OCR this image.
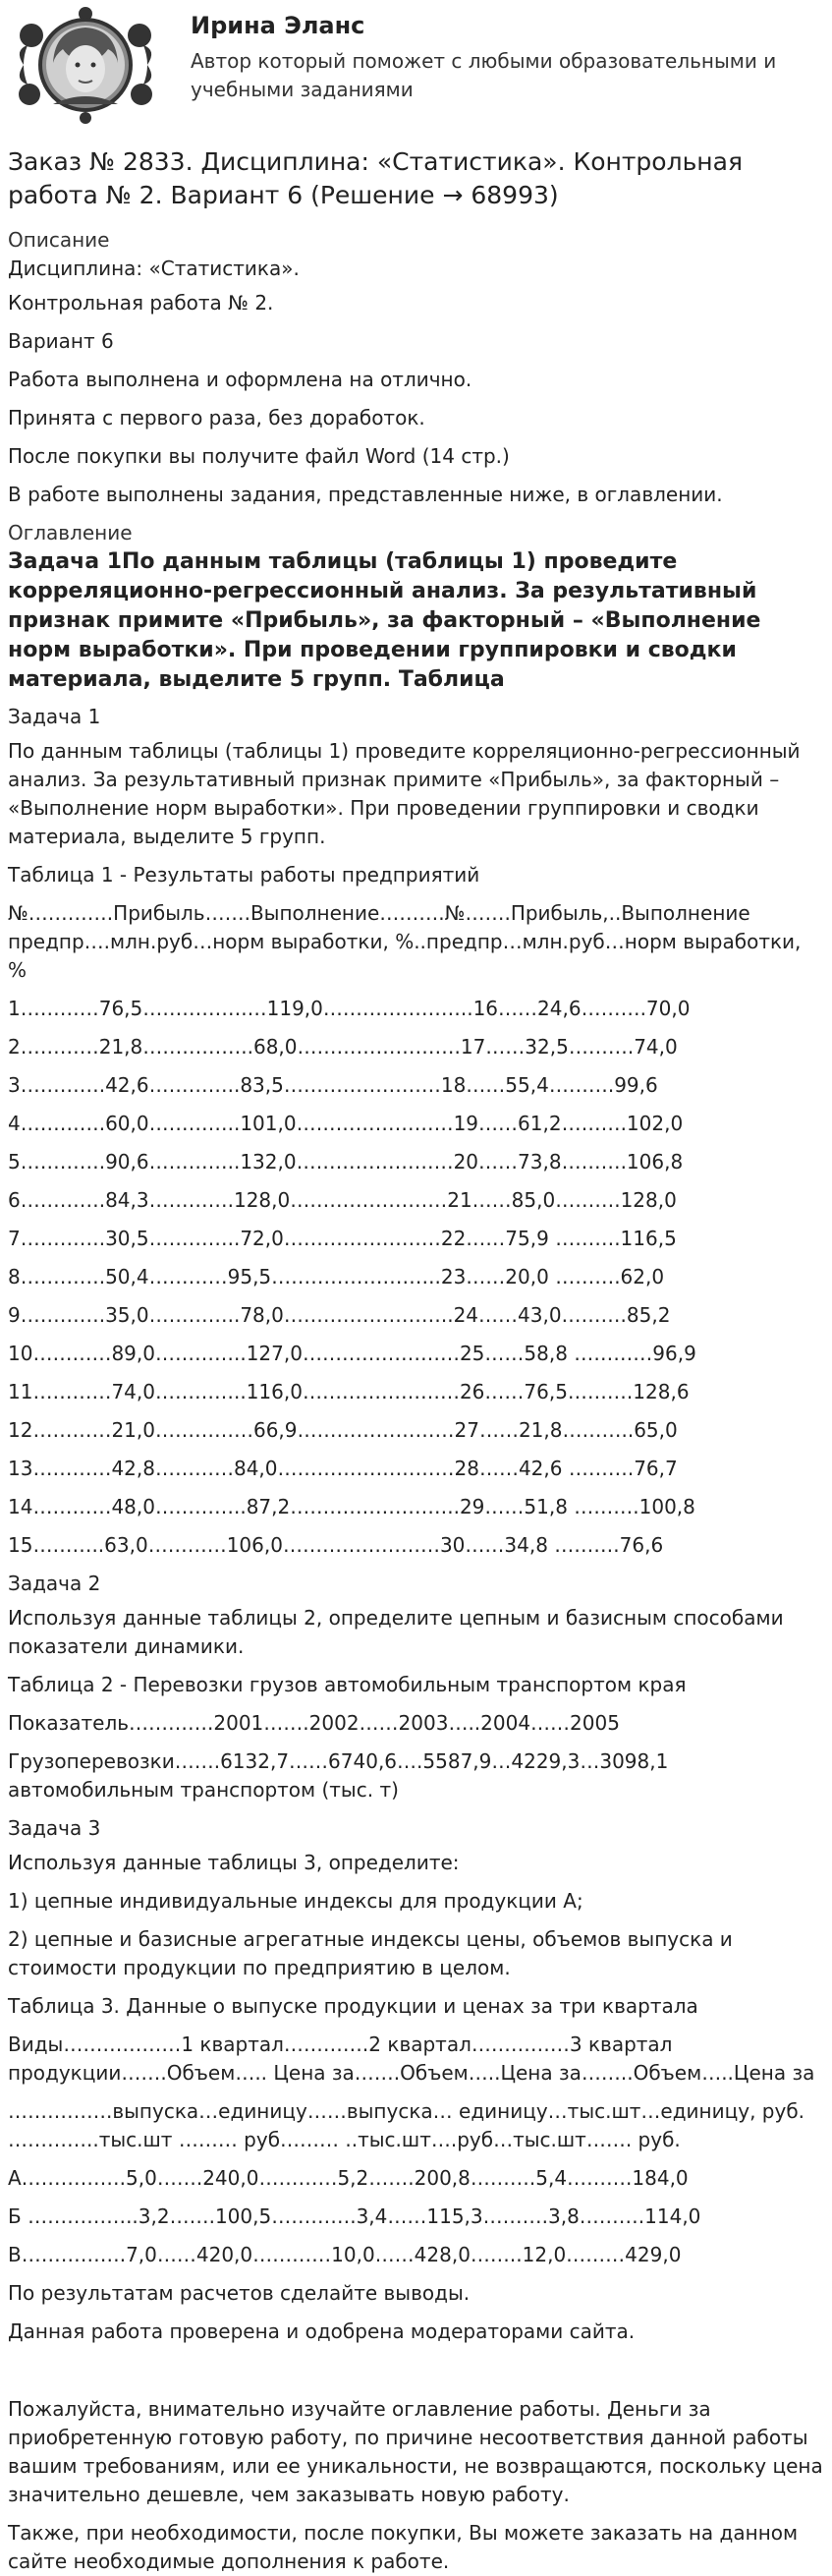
Ирина Эланс
Автор который поможет с любыми образовательными и учебными заданиями
Заказ № 2833. Дисциплина: «Статистика». Контрольная работа № 2. Вариант 6 (Решение → 68993)
Описание
Дисциплина: «Статистика».
Контрольная работа № 2.
Вариант 6
Работа выполнена и оформлена на отлично.
Принята с первого раза, без доработок.
После покупки вы получите файл Word (14 стр.)
В работе выполнены задания, представленные ниже, в оглавлении.
Оглавление
Задача 1По данным таблицы (таблицы 1) проведите корреляционно-регрессионный анализ. За результативный признак примите «Прибыль», за факторный – «Выполнение норм выработки». При проведении группировки и сводки материала, выделите 5 групп. Таблица
Задача 1
По данным таблицы (таблицы 1) проведите корреляционно-регрессионный анализ. За результативный признак примите «Прибыль», за факторный – «Выполнение норм выработки». При проведении группировки и сводки материала, выделите 5 групп.
Таблица 1 - Результаты работы предприятий
№………….Прибыль…….Выполнение……….№…….Прибыль,..Выполнение предпр….млн.руб…норм выработки, %..предпр…млн.руб…норм выработки, %
1…………76,5…………….…119,0…………………..16……24,6……….70,0
2…………21,8……………..68,0…………………….17……32,5……….74,0
3………….42,6…………..83,5……………………18……55,4……….99,6
4………….60,0…………..101,0……………………19……61,2……….102,0
5………….90,6…………..132,0……………………20……73,8……….106,8
6………….84,3………….128,0……………………21……85,0……….128,0
7………….30,5…………..72,0……………………22……75,9 ……….116,5
8………….50,4…………95,5……………………..23……20,0 ……….62,0
9………….35,0…………..78,0……………………..24……43,0……….85,2
10…………89,0…………..127,0……………………25……58,8 …………96,9
11…………74,0…………..116,0……………………26……76,5……….128,6
12…………21,0……………66,9……………………27……21,8………..65,0
13…………42,8…………84,0………………………28……42,6 ……….76,7
14…………48,0…………..87,2……………………..29……51,8 ……….100,8
15………..63,0…………106,0……………………30……34,8 ……….76,6
Задача 2
Используя данные таблицы 2, определите цепным и базисным способами показатели динамики.
Таблица 2 - Перевозки грузов автомобильным транспортом края
Показатель………….2001…….2002……2003…..2004……2005
Грузоперевозки…….6132,7……6740,6….5587,9…4229,3…3098,1 автомобильным транспортом (тыс. т)
Задача 3
Используя данные таблицы 3, определите:
1) цепные индивидуальные индексы для продукции А;
2) цепные и базисные агрегатные индексы цены, объемов выпуска и стоимости продукции по предприятию в целом.
Таблица 3. Данные о выпуске продукции и ценах за три квартала
Виды………………1 квартал………….2 квартал……………3 квартал продукции…….Объем….. Цена за…….Объем…..Цена за……..Объем…..Цена за
…………….выпуска…единицу……выпуска… единицу…тыс.шт…единицу, руб. …………..тыс.шт ……… руб……… ..тыс.шт….руб…тыс.шт……. руб.
А…………….5,0…….240,0…………5,2…….200,8……….5,4……….184,0
Б ……………..3,2…….100,5………….3,4……115,3……….3,8……….114,0
В…………….7,0……420,0…………10,0……428,0……..12,0………429,0
По результатам расчетов сделайте выводы.
Данная работа проверена и одобрена модераторами сайта.
Пожалуйста, внимательно изучайте оглавление работы. Деньги за приобретенную готовую работу, по причине несоответствия данной работы вашим требованиям, или ее уникальности, не возвращаются, поскольку цена значительно дешевле, чем заказывать новую работу.
Также, при необходимости, после покупки, Вы можете заказать на данном сайте необходимые дополнения к работе.
